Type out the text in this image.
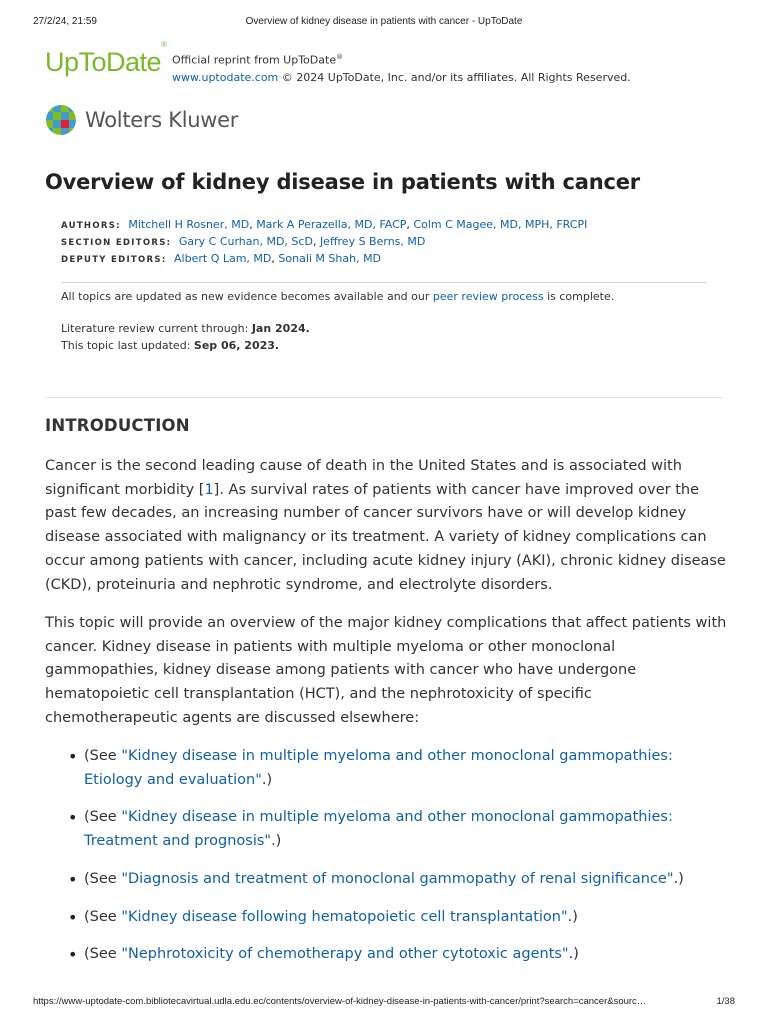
27/2/24, 21:59	Overview of kidney disease in patients with cancer - UpToDate
UpToDate®
Official reprint from UpToDate®
www.uptodate.com © 2024 UpToDate, Inc. and/or its affiliates. All Rights Reserved.
Wolters Kluwer
Overview of kidney disease in patients with cancer
AUTHORS: Mitchell H Rosner, MD, Mark A Perazella, MD, FACP, Colm C Magee, MD, MPH, FRCPI
SECTION EDITORS: Gary C Curhan, MD, ScD, Jeffrey S Berns, MD
DEPUTY EDITORS: Albert Q Lam, MD, Sonali M Shah, MD
All topics are updated as new evidence becomes available and our peer review process is complete.
Literature review current through: Jan 2024.
This topic last updated: Sep 06, 2023.
INTRODUCTION

Cancer is the second leading cause of death in the United States and is associated with significant morbidity [1]. As survival rates of patients with cancer have improved over the past few decades, an increasing number of cancer survivors have or will develop kidney disease associated with malignancy or its treatment. A variety of kidney complications can occur among patients with cancer, including acute kidney injury (AKI), chronic kidney disease (CKD), proteinuria and nephrotic syndrome, and electrolyte disorders.

This topic will provide an overview of the major kidney complications that affect patients with cancer. Kidney disease in patients with multiple myeloma or other monoclonal gammopathies, kidney disease among patients with cancer who have undergone hematopoietic cell transplantation (HCT), and the nephrotoxicity of specific chemotherapeutic agents are discussed elsewhere:

• (See "Kidney disease in multiple myeloma and other monoclonal gammopathies: Etiology and evaluation".)
• (See "Kidney disease in multiple myeloma and other monoclonal gammopathies: Treatment and prognosis".)
• (See "Diagnosis and treatment of monoclonal gammopathy of renal significance".)
• (See "Kidney disease following hematopoietic cell transplantation".)
• (See "Nephrotoxicity of chemotherapy and other cytotoxic agents".)
https://www-uptodate-com.bibliotecavirtual.udla.edu.ec/contents/overview-of-kidney-disease-in-patients-with-cancer/print?search=cancer&sourc…	1/38
